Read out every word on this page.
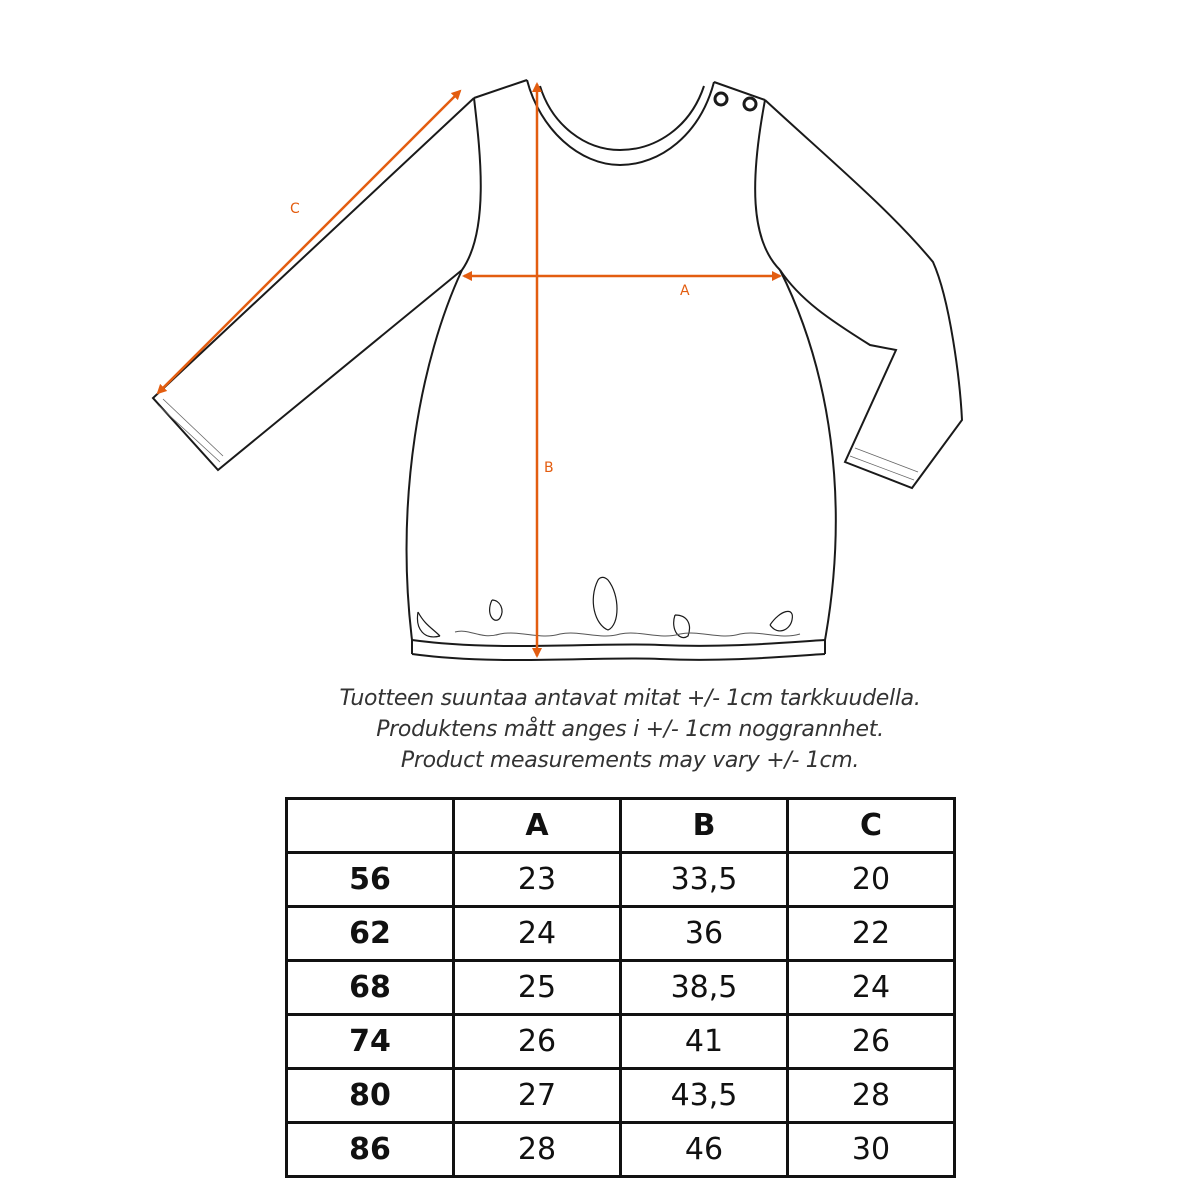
A
B
C
Tuotteen suuntaa antavat mitat +/- 1cm tarkkuudella.
Produktens mått anges i +/- 1cm noggrannhet.
Product measurements may vary +/- 1cm.
	A	B	C
56	23	33,5	20
62	24	36	22
68	25	38,5	24
74	26	41	26
80	27	43,5	28
86	28	46	30
